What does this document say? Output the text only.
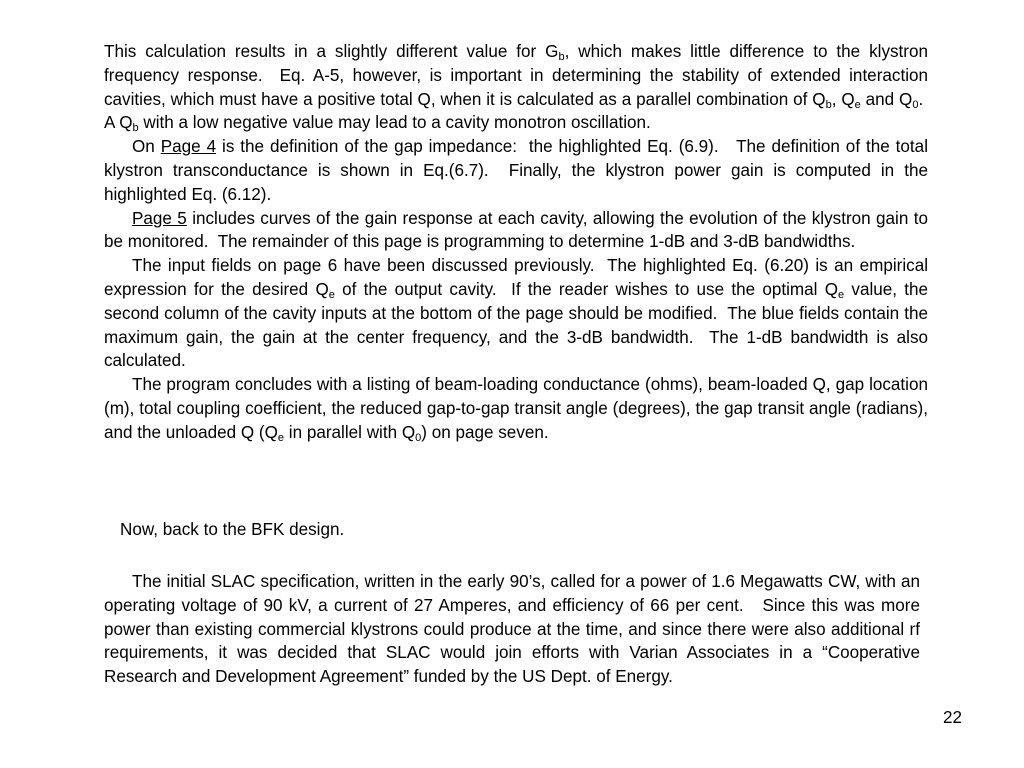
This calculation results in a slightly different value for $G_b$, which makes little difference to the klystron frequency response.  Eq. A-5, however, is important in determining the stability of extended interaction cavities, which must have a positive total Q, when it is calculated as a parallel combination of $Q_b$, $Q_e$ and $Q_0$.  A $Q_b$ with a low negative value may lead to a cavity monotron oscillation.

On Page 4 is the definition of the gap impedance:  the highlighted Eq. (6.9).   The definition of the total klystron transconductance is shown in Eq.(6.7).  Finally, the klystron power gain is computed in the highlighted Eq. (6.12).

Page 5 includes curves of the gain response at each cavity, allowing the evolution of the klystron gain to be monitored.  The remainder of this page is programming to determine 1-dB and 3-dB bandwidths.

The input fields on page 6 have been discussed previously.  The highlighted Eq. (6.20) is an empirical expression for the desired $Q_e$ of the output cavity.  If the reader wishes to use the optimal $Q_e$ value, the second column of the cavity inputs at the bottom of the page should be modified.  The blue fields contain the maximum gain, the gain at the center frequency, and the 3-dB bandwidth.  The 1-dB bandwidth is also calculated.

The program concludes with a listing of beam-loading conductance (ohms), beam-loaded Q, gap location (m), total coupling coefficient, the reduced gap-to-gap transit angle (degrees), the gap transit angle (radians), and the unloaded Q ($Q_e$ in parallel with $Q_0$) on page seven.

Now, back to the BFK design.

The initial SLAC specification, written in the early 90’s, called for a power of 1.6 Megawatts CW, with an operating voltage of 90 kV, a current of 27 Amperes, and efficiency of 66 per cent.   Since this was more power than existing commercial klystrons could produce at the time, and since there were also additional rf requirements, it was decided that SLAC would join efforts with Varian Associates in a “Cooperative Research and Development Agreement” funded by the US Dept. of Energy.

22
